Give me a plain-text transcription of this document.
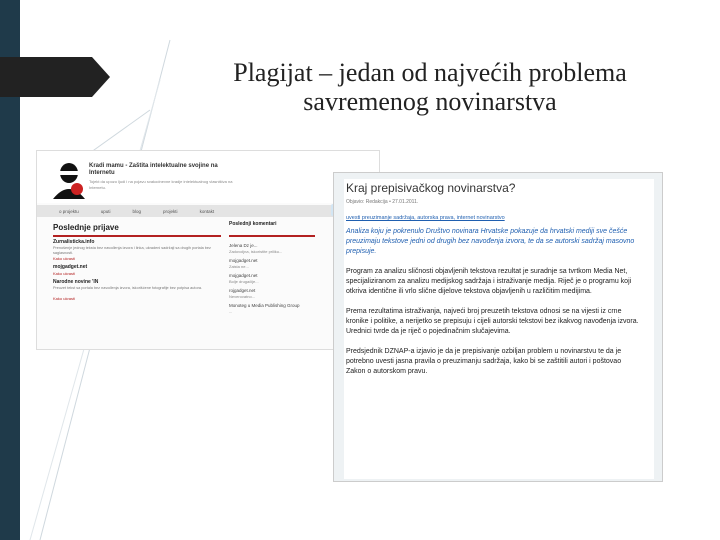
Plagijat – jedan od najvećih problema
savremenog novinarstva
Kradi mamu - Zaštita intelektualne svojine na Internetu
Tojekt da upozo ljudi i na pojavu svakodnevne kradje intelektualnog vlasništva na Internetu.
o projektu	uputi	blog	projekti	kontakt
Poslednje prijave	Poslednji komentari
Zurnalisticka.info
Prenošenje jednog teksta bez navođenja izvora i linka, ukradeni sadržaji sa drugih portala bez saglasnosti.
Kako ukrasti
mojgadget.net
Kako ukrasti
Narodne novine 'IN
Preuzet tekst sa portala bez navođenja izvora, iskorišćene fotografije bez potpisa autora.
Kako ukrasti
Jelena Dz je...
Zadovoljna, iskoristite priliku...
mojgadget.net
Zaista ne...
mojgadget.net
Bolje drugačije...
rojgadget.net
Neverovatno...
Monoteg u Media Publishing Group
...
Kraj prepisivačkog novinarstva?
Objavio: Redakcija • 27.01.2011.
uvesti preuzimanje sadržaja, autorska prava, internet novinarstvo

Analiza koju je pokrenulo Društvo novinara Hrvatske pokazuje da hrvatski mediji sve češće preuzimaju tekstove jedni od drugih bez navođenja izvora, te da se autorski sadržaj masovno prepisuje.

Program za analizu sličnosti objavljenih tekstova rezultat je suradnje sa tvrtkom Media Net, specijaliziranom za analizu medijskog sadržaja i istraživanje medija. Riječ je o programu koji otkriva identične ili vrlo slične dijelove tekstova objavljenih u različitim medijima.

Prema rezultatima istraživanja, najveći broj preuzetih tekstova odnosi se na vijesti iz crne kronike i politike, a nerijetko se prepisuju i cijeli autorski tekstovi bez ikakvog navođenja izvora. Urednici tvrde da je riječ o pojedinačnim slučajevima.

Predsjednik DZNAP-a izjavio je da je prepisivanje ozbiljan problem u novinarstvu te da je potrebno uvesti jasna pravila o preuzimanju sadržaja, kako bi se zaštitili autori i poštovao Zakon o autorskom pravu.
